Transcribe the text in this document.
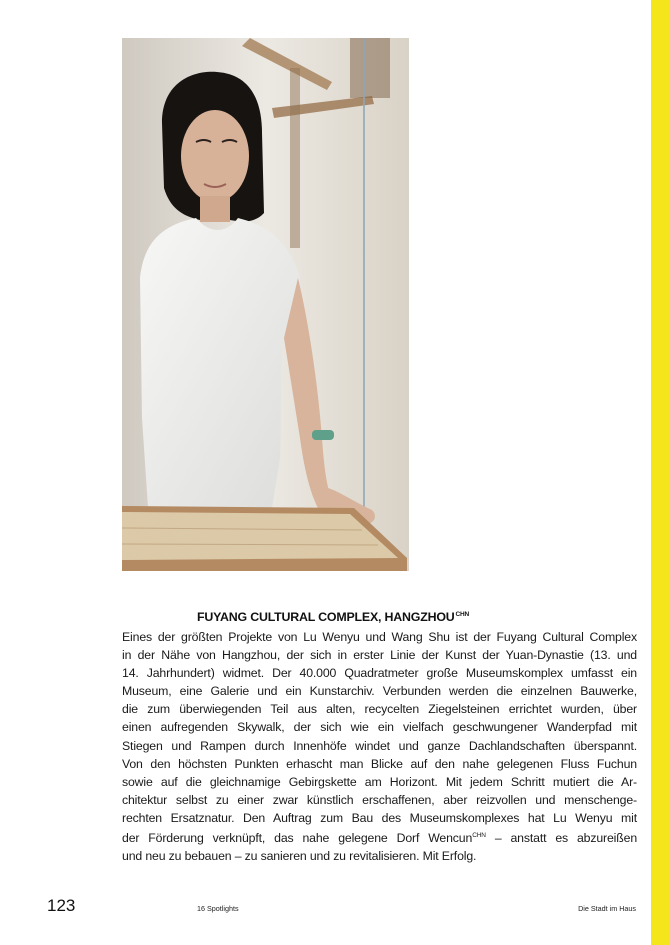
FUYANG CULTURAL COMPLEX, $HANGZHOU^{CHN}$
Eines der größten Projekte von Lu Wenyu und Wang Shu ist der Fuyang Cultural Complex
in der Nähe von Hangzhou, der sich in erster Linie der Kunst der Yuan-Dynastie (13. und
14. Jahrhundert) widmet. Der 40.000 Quadratmeter große Museumskomplex umfasst ein
Museum, eine Galerie und ein Kunstarchiv. Verbunden werden die einzelnen Bauwerke,
die zum überwiegenden Teil aus alten, recycelten Ziegelsteinen errichtet wurden, über
einen aufregenden Skywalk, der sich wie ein vielfach geschwungener Wanderpfad mit
Stiegen und Rampen durch Innenhöfe windet und ganze Dachlandschaften überspannt.
Von den höchsten Punkten erhascht man Blicke auf den nahe gelegenen Fluss Fuchun
sowie auf die gleichnamige Gebirgskette am Horizont. Mit jedem Schritt mutiert die Ar-
chitektur selbst zu einer zwar künstlich erschaffenen, aber reizvollen und menschenge-
rechten Ersatznatur. Den Auftrag zum Bau des Museumskomplexes hat Lu Wenyu mit
der Förderung verknüpft, das nahe gelegene Dorf Wencun$^{CHN}$ – anstatt es abzureißen
und neu zu bebauen – zu sanieren und zu revitalisieren. Mit Erfolg.
123	16 Spotlights	Die Stadt im Haus
